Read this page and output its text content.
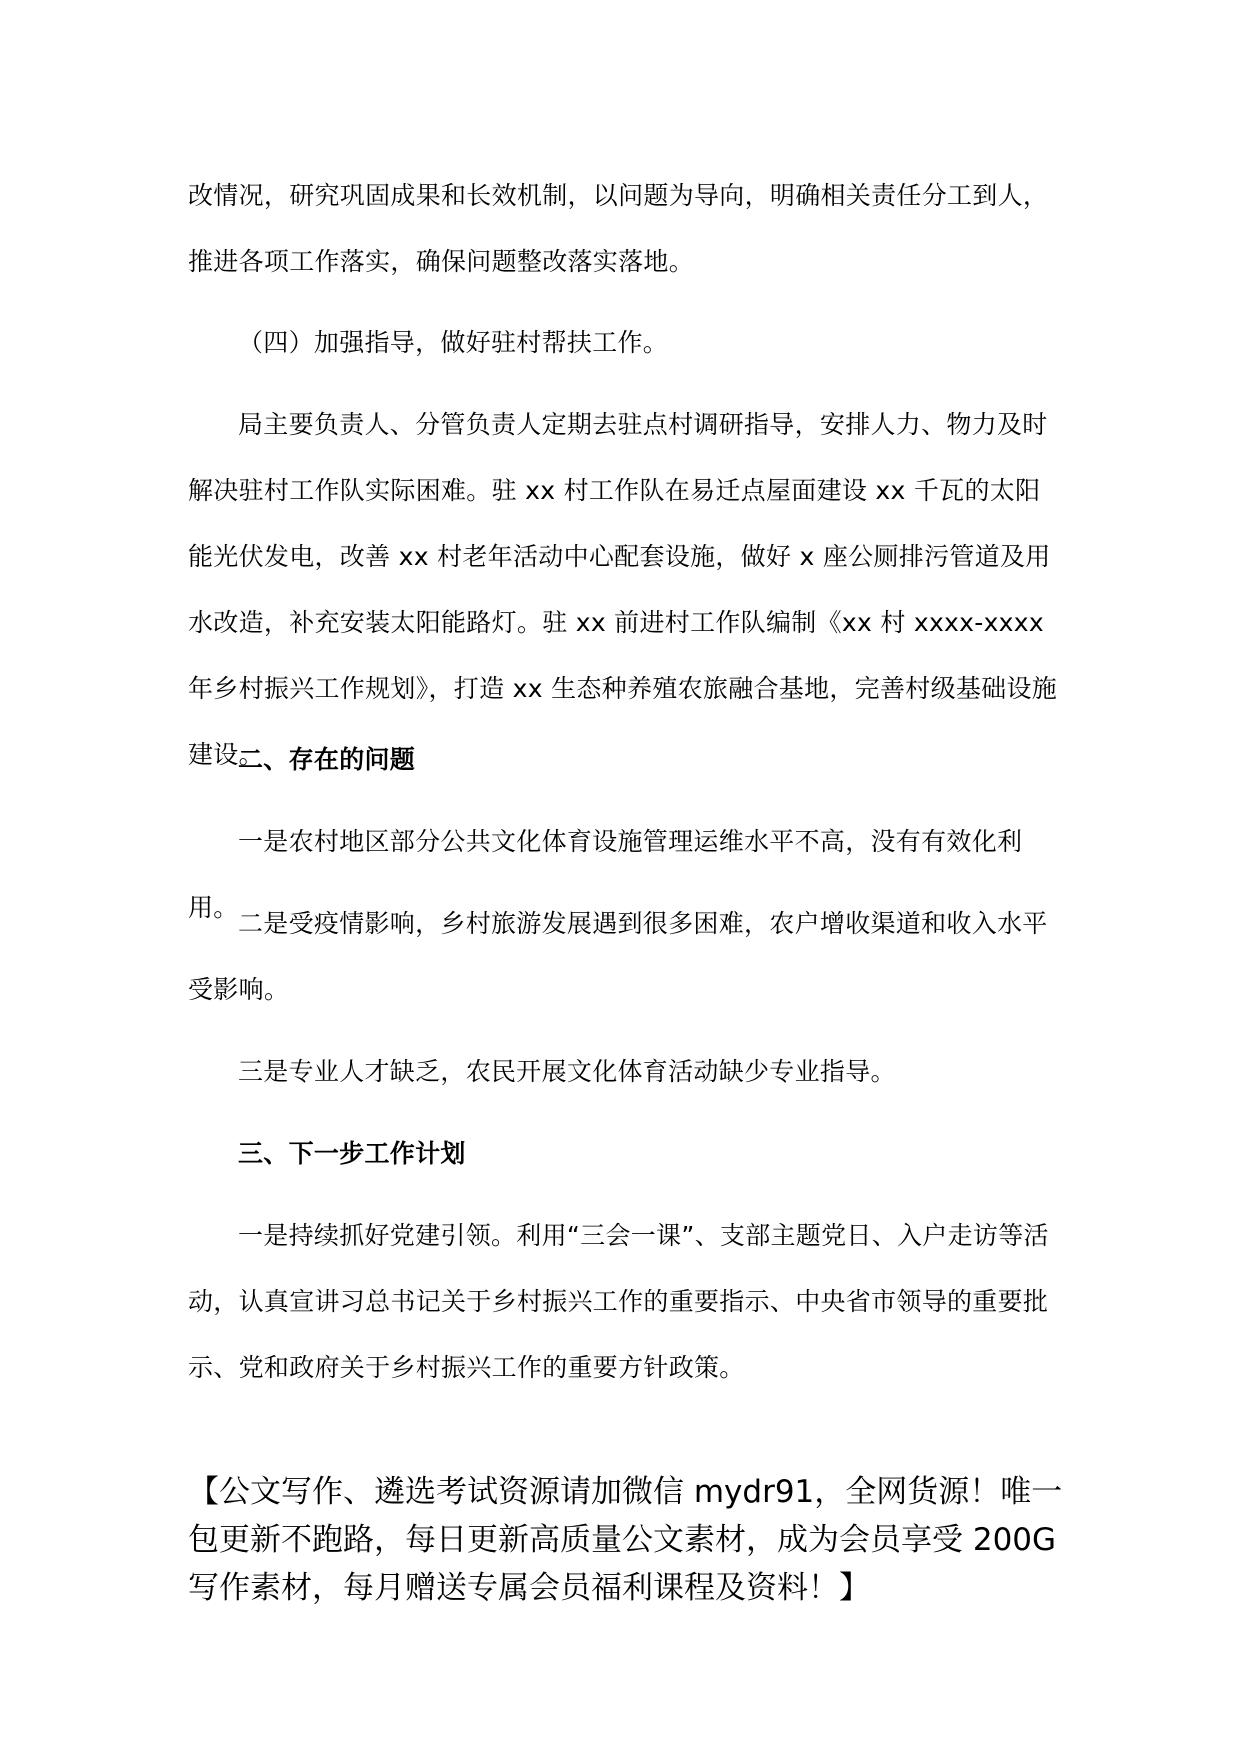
改情况，研究巩固成果和长效机制，以问题为导向，明确相关责任分工到人，推进各项工作落实，确保问题整改落实落地。

（四）加强指导，做好驻村帮扶工作。

局主要负责人、分管负责人定期去驻点村调研指导，安排人力、物力及时解决驻村工作队实际困难。驻 xx 村工作队在易迁点屋面建设 xx 千瓦的太阳能光伏发电，改善 xx 村老年活动中心配套设施，做好 x 座公厕排污管道及用水改造，补充安装太阳能路灯。驻 xx 前进村工作队编制《xx 村 xxxx-xxxx 年乡村振兴工作规划》，打造 xx 生态种养殖农旅融合基地，完善村级基础设施建设。

二、存在的问题

一是农村地区部分公共文化体育设施管理运维水平不高，没有有效化利用。

二是受疫情影响，乡村旅游发展遇到很多困难，农户增收渠道和收入水平受影响。

三是专业人才缺乏，农民开展文化体育活动缺少专业指导。

三、下一步工作计划

一是持续抓好党建引领。利用“三会一课”、支部主题党日、入户走访等活动，认真宣讲习总书记关于乡村振兴工作的重要指示、中央省市领导的重要批示、党和政府关于乡村振兴工作的重要方针政策。

【公文写作、遴选考试资源请加微信 mydr91，全网货源！唯一包更新不跑路，每日更新高质量公文素材，成为会员享受 200G 写作素材，每月赠送专属会员福利课程及资料！】
